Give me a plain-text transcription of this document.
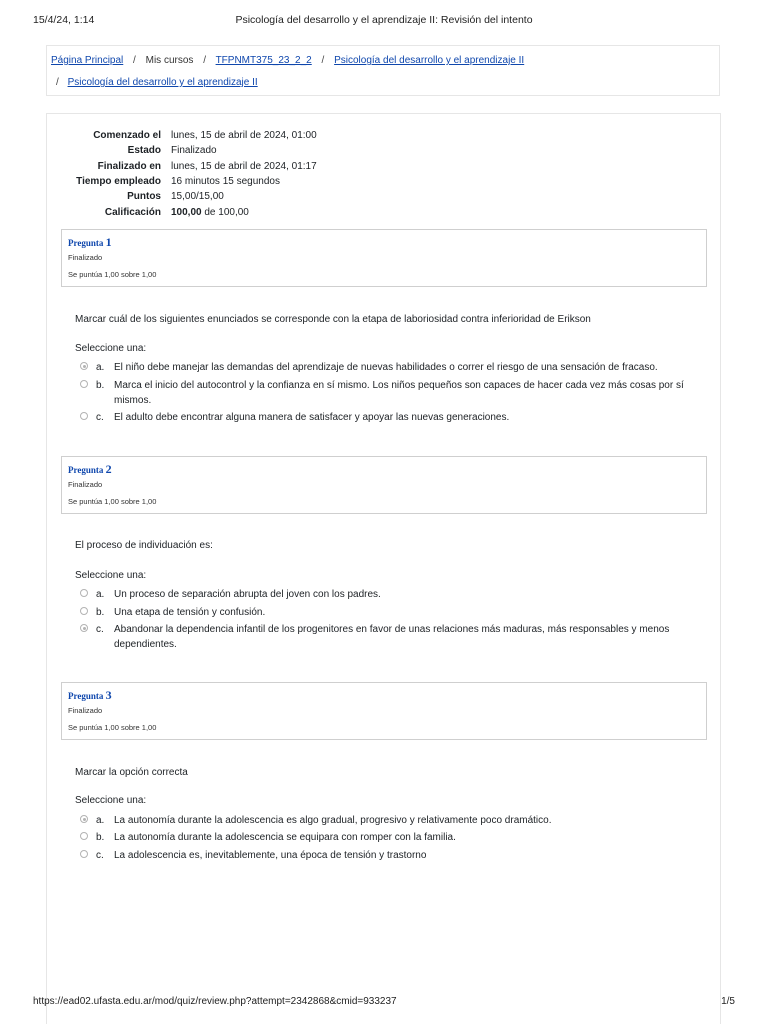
15/4/24, 1:14	Psicología del desarrollo y el aprendizaje II: Revisión del intento
Página Principal / Mis cursos / TFPNMT375_23_2_2 / Psicología del desarrollo y el aprendizaje II
/ Psicología del desarrollo y el aprendizaje II
Comenzado el	lunes, 15 de abril de 2024, 01:00
Estado	Finalizado
Finalizado en	lunes, 15 de abril de 2024, 01:17
Tiempo empleado	16 minutos 15 segundos
Puntos	15,00/15,00
Calificación	100,00 de 100,00
Pregunta 1
Finalizado
Se puntúa 1,00 sobre 1,00
Marcar cuál de los siguientes enunciados se corresponde con la etapa de laboriosidad contra inferioridad de Erikson
Seleccione una:
a. El niño debe manejar las demandas del aprendizaje de nuevas habilidades o correr el riesgo de una sensación de fracaso.
b. Marca el inicio del autocontrol y la confianza en sí mismo. Los niños pequeños son capaces de hacer cada vez más cosas por sí mismos.
c. El adulto debe encontrar alguna manera de satisfacer y apoyar las nuevas generaciones.
Pregunta 2
Finalizado
Se puntúa 1,00 sobre 1,00
El proceso de individuación es:
Seleccione una:
a. Un proceso de separación abrupta del joven con los padres.
b. Una etapa de tensión y confusión.
c. Abandonar la dependencia infantil de los progenitores en favor de unas relaciones más maduras, más responsables y menos dependientes.
Pregunta 3
Finalizado
Se puntúa 1,00 sobre 1,00
Marcar la opción correcta
Seleccione una:
a. La autonomía durante la adolescencia es algo gradual, progresivo y relativamente poco dramático.
b. La autonomía durante la adolescencia se equipara con romper con la familia.
c. La adolescencia es, inevitablemente, una época de tensión y trastorno
https://ead02.ufasta.edu.ar/mod/quiz/review.php?attempt=2342868&cmid=933237	1/5
